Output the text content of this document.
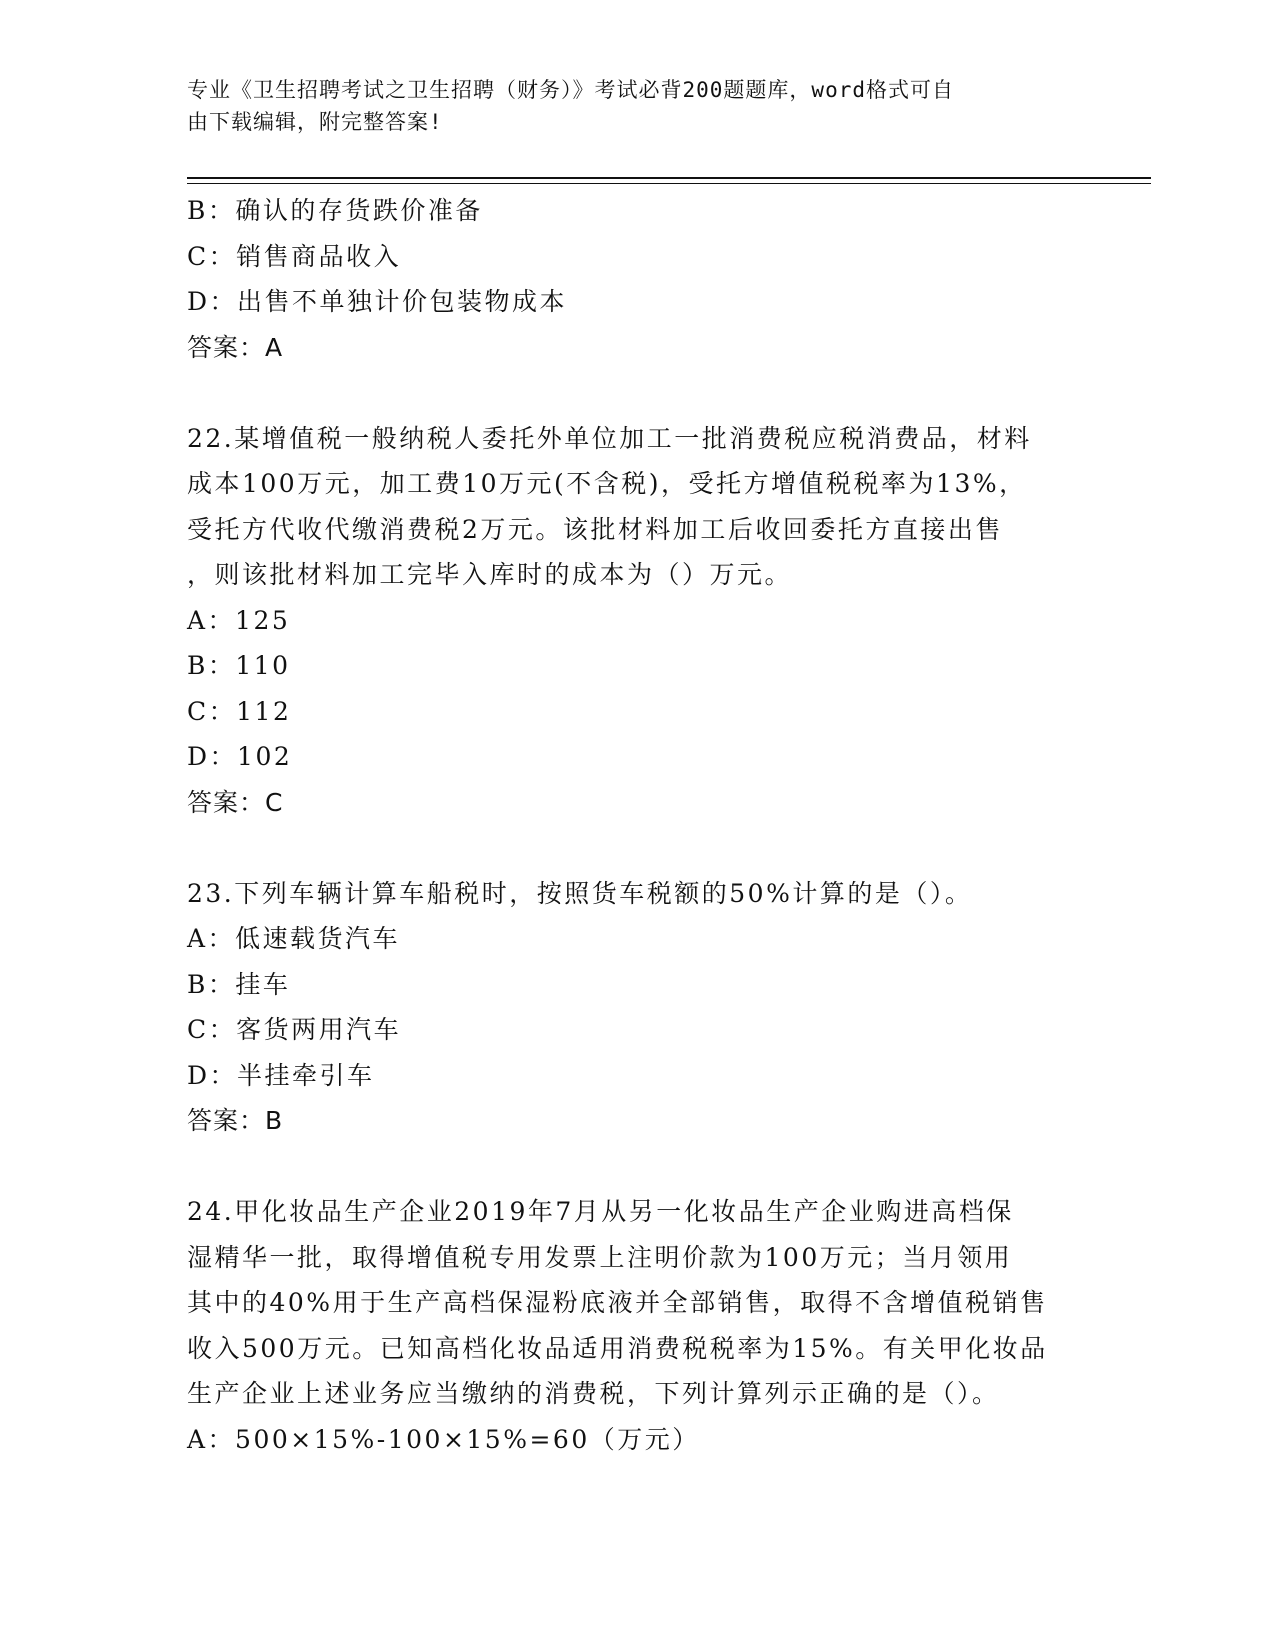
专业《卫生招聘考试之卫生招聘（财务）》考试必背200题题库，word格式可自
由下载编辑，附完整答案!
B：确认的存货跌价准备
C：销售商品收入
D：出售不单独计价包装物成本
答案：A
22.某增值税一般纳税人委托外单位加工一批消费税应税消费品，材料
成本100万元，加工费10万元(不含税)，受托方增值税税率为13%，
受托方代收代缴消费税2万元。该批材料加工后收回委托方直接出售
，则该批材料加工完毕入库时的成本为（）万元。
A：125
B：110
C：112
D：102
答案：C
23.下列车辆计算车船税时，按照货车税额的50%计算的是（）。
A：低速载货汽车
B：挂车
C：客货两用汽车
D：半挂牵引车
答案：B
24.甲化妆品生产企业2019年7月从另一化妆品生产企业购进高档保
湿精华一批，取得增值税专用发票上注明价款为100万元；当月领用
其中的40%用于生产高档保湿粉底液并全部销售，取得不含增值税销售
收入500万元。已知高档化妆品适用消费税税率为15%。有关甲化妆品
生产企业上述业务应当缴纳的消费税，下列计算列示正确的是（）。
A：500×15%-100×15%=60（万元）
